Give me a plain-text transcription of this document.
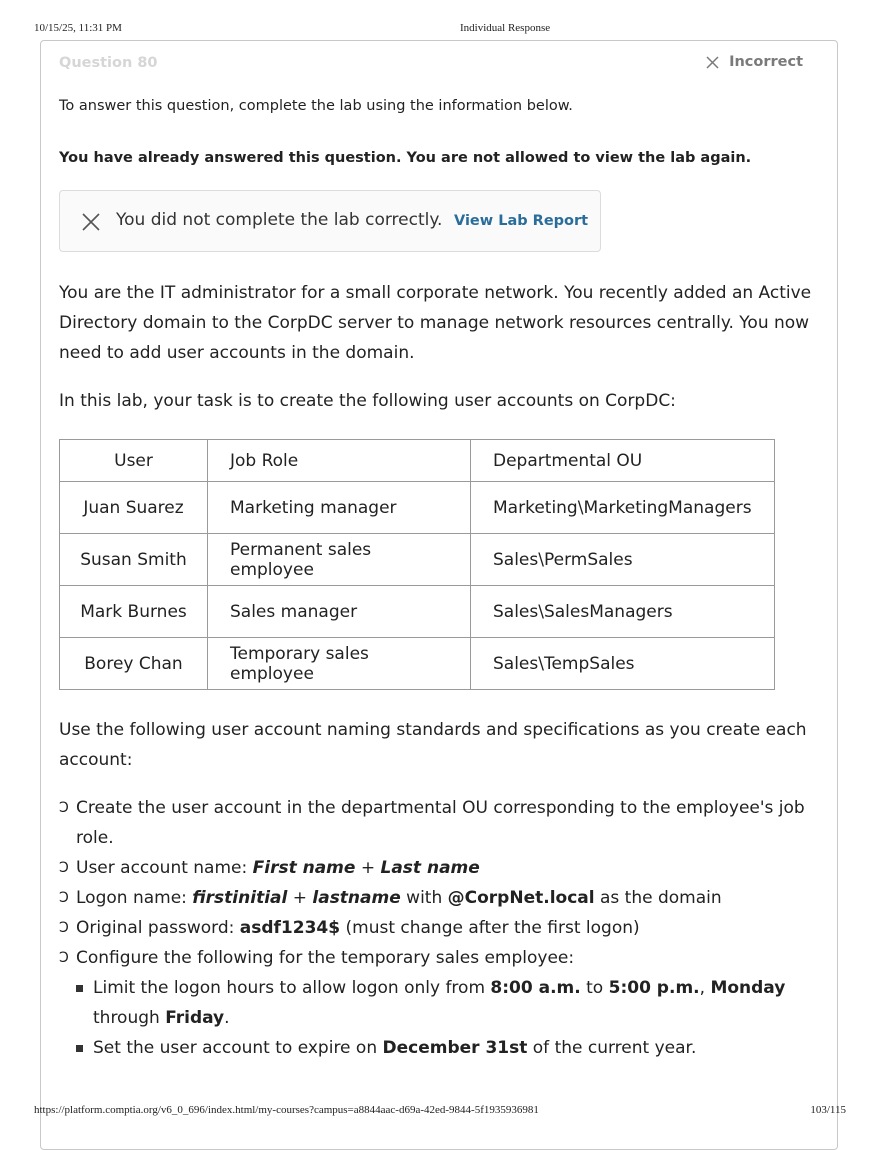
10/15/25, 11:31 PM	Individual Response
Question 80	Incorrect
To answer this question, complete the lab using the information below.
You have already answered this question. You are not allowed to view the lab again.
You did not complete the lab correctly. View Lab Report
You are the IT administrator for a small corporate network. You recently added an Active Directory domain to the CorpDC server to manage network resources centrally. You now need to add user accounts in the domain.
In this lab, your task is to create the following user accounts on CorpDC:
User	Job Role	Departmental OU
Juan Suarez	Marketing manager	Marketing\MarketingManagers
Susan Smith	Permanent sales employee	Sales\PermSales
Mark Burnes	Sales manager	Sales\SalesManagers
Borey Chan	Temporary sales employee	Sales\TempSales
Use the following user account naming standards and specifications as you create each account:
Ↄ Create the user account in the departmental OU corresponding to the employee's job role.
Ↄ User account name: First name + Last name
Ↄ Logon name: firstinitial + lastname with @CorpNet.local as the domain
Ↄ Original password: asdf1234$ (must change after the first logon)
Ↄ Configure the following for the temporary sales employee:
Limit the logon hours to allow logon only from 8:00 a.m. to 5:00 p.m., Monday through Friday.
Set the user account to expire on December 31st of the current year.
https://platform.comptia.org/v6_0_696/index.html/my-courses?campus=a8844aac-d69a-42ed-9844-5f1935936981	103/115
